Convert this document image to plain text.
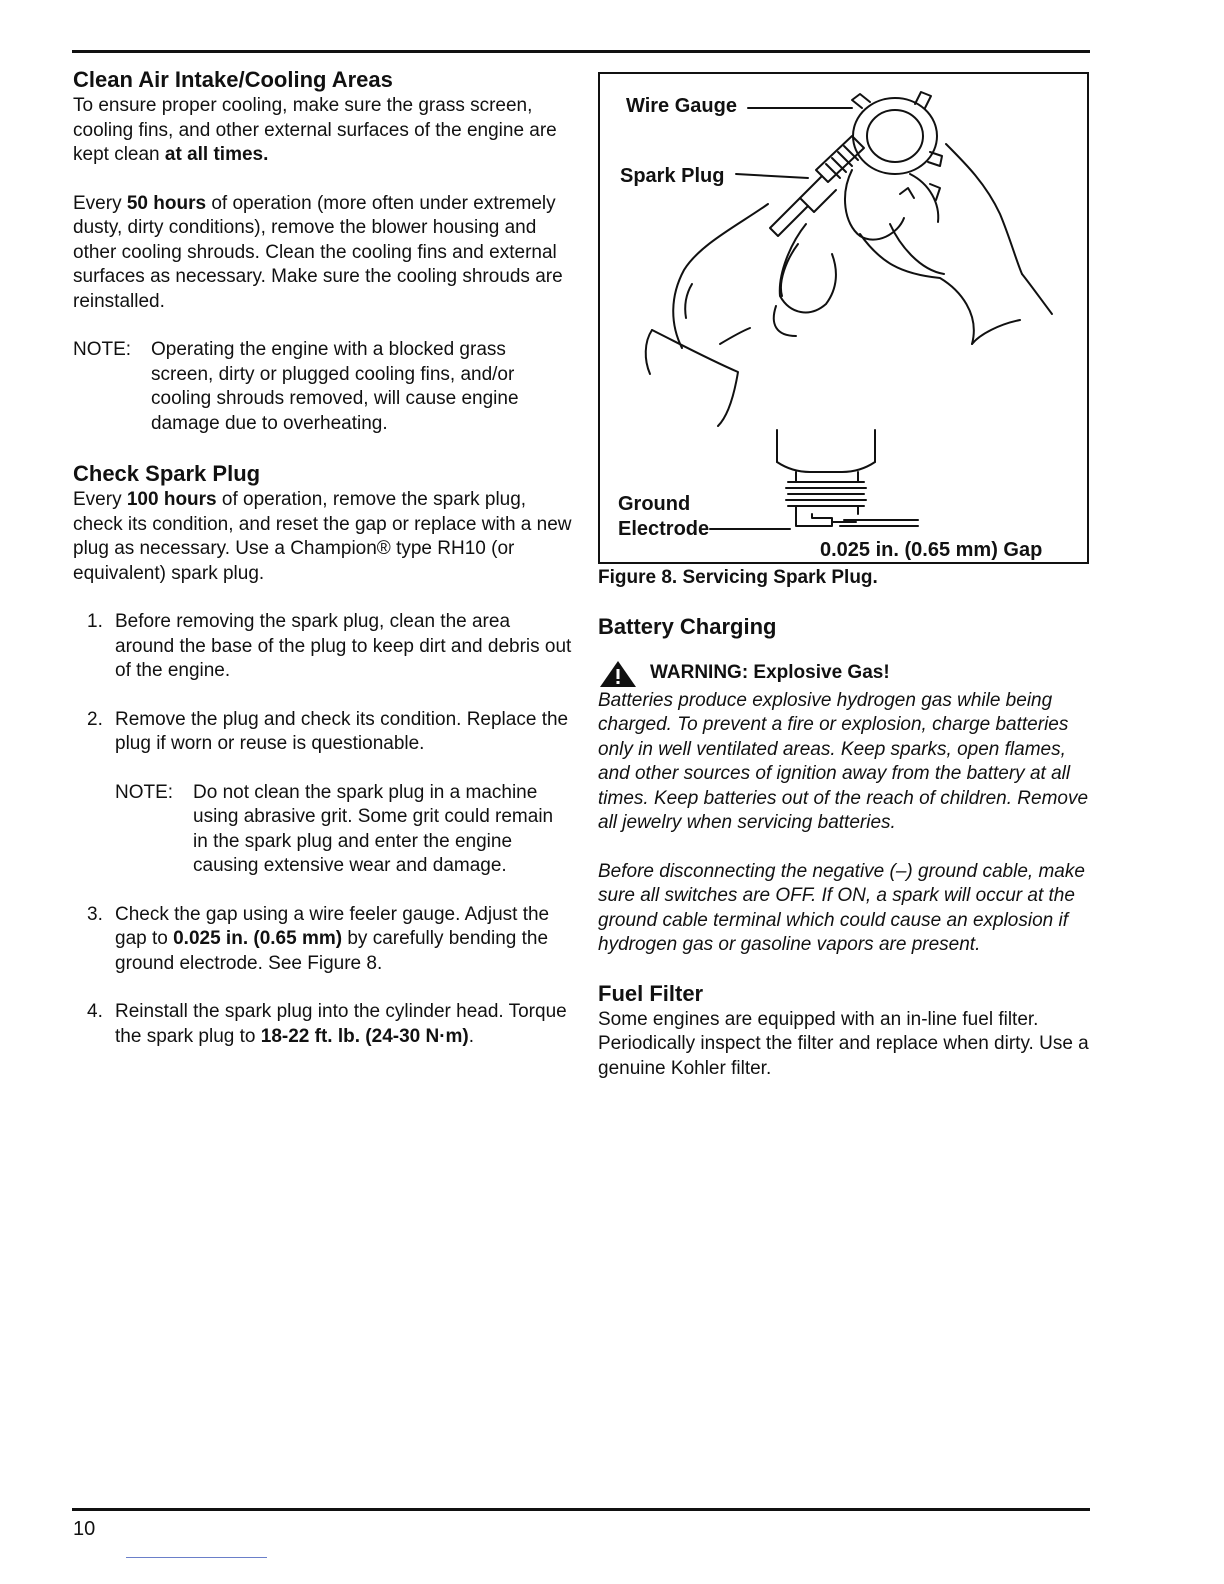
Clean Air Intake/Cooling Areas

To ensure proper cooling, make sure the grass screen, cooling fins, and other external surfaces of the engine are kept clean at all times.

Every 50 hours of operation (more often under extremely dusty, dirty conditions), remove the blower housing and other cooling shrouds. Clean the cooling fins and external surfaces as necessary. Make sure the cooling shrouds are reinstalled.

NOTE:	Operating the engine with a blocked grass screen, dirty or plugged cooling fins, and/or cooling shrouds removed, will cause engine damage due to overheating.
Check Spark Plug

Every 100 hours of operation, remove the spark plug, check its condition, and reset the gap or replace with a new plug as necessary. Use a Champion® type RH10 (or equivalent) spark plug.

1. Before removing the spark plug, clean the area around the base of the plug to keep dirt and debris out of the engine.
2. Remove the plug and check its condition. Replace the plug if worn or reuse is questionable.
NOTE:	Do not clean the spark plug in a machine using abrasive grit. Some grit could remain in the spark plug and enter the engine causing extensive wear and damage.
3. Check the gap using a wire feeler gauge. Adjust the gap to 0.025 in. (0.65 mm) by carefully bending the ground electrode. See Figure 8.
4. Reinstall the spark plug into the cylinder head. Torque the spark plug to 18-22 ft. lb. (24-30 N·m).
Wire Gauge
Spark Plug
Ground
Electrode
0.025 in. (0.65 mm) Gap
Figure 8. Servicing Spark Plug.
Battery Charging
WARNING: Explosive Gas!

Batteries produce explosive hydrogen gas while being charged. To prevent a fire or explosion, charge batteries only in well ventilated areas. Keep sparks, open flames, and other sources of ignition away from the battery at all times. Keep batteries out of the reach of children. Remove all jewelry when servicing batteries.

Before disconnecting the negative (–) ground cable, make sure all switches are OFF. If ON, a spark will occur at the ground cable terminal which could cause an explosion if hydrogen gas or gasoline vapors are present.

Fuel Filter

Some engines are equipped with an in-line fuel filter. Periodically inspect the filter and replace when dirty. Use a genuine Kohler filter.

10
